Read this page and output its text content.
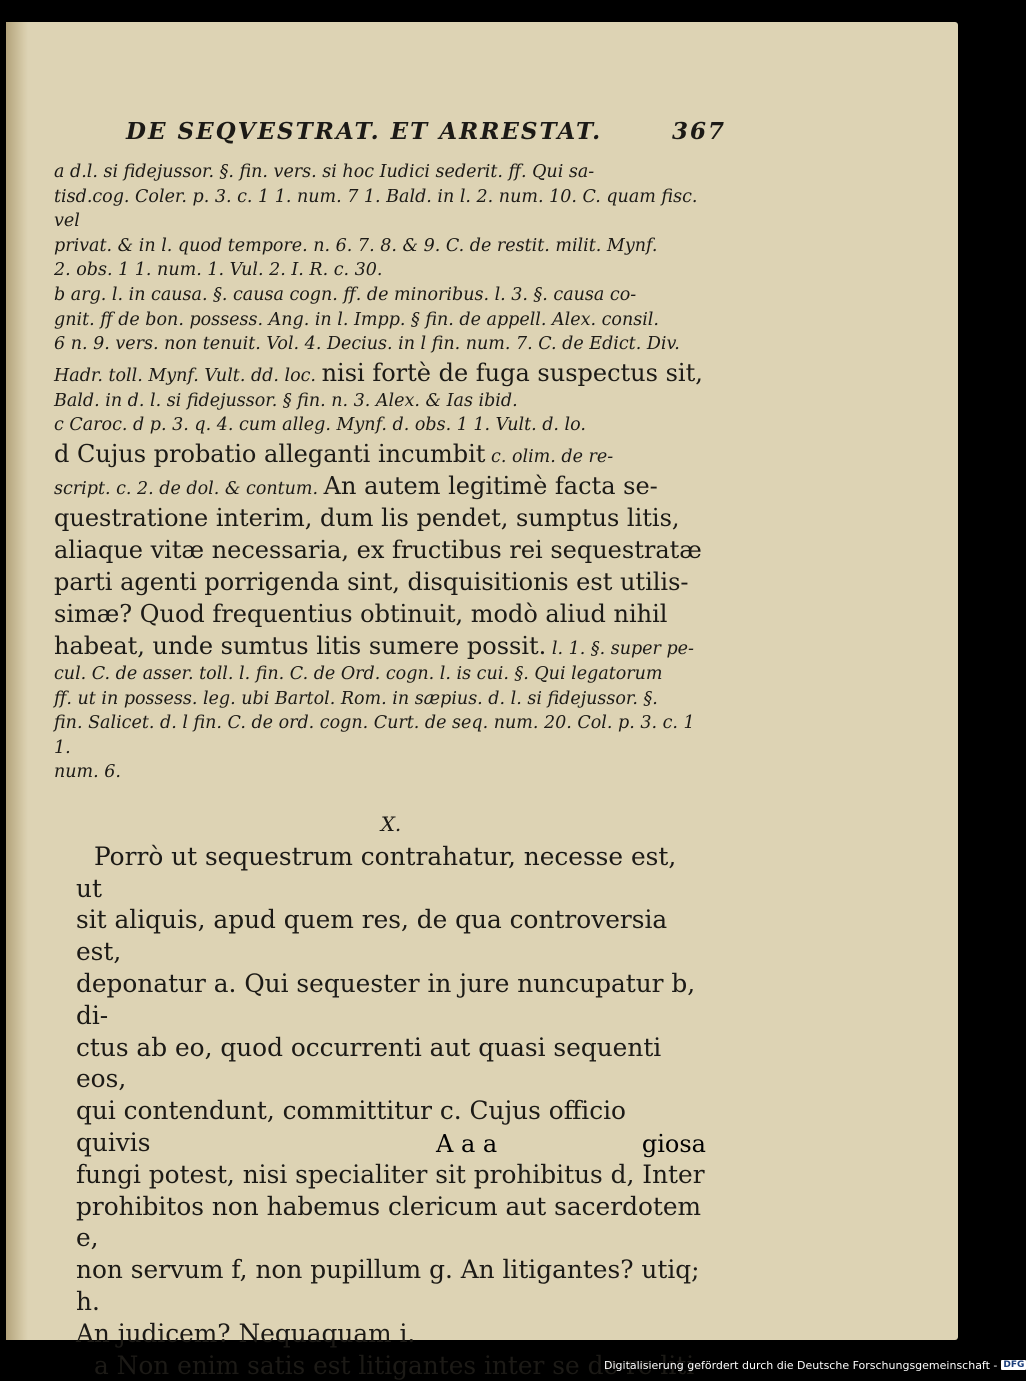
DE SEQVESTRAT. ET ARRESTAT.	367

a d.l. si fidejussor. §. fin. vers. si hoc Iudici sederit. ff. Qui sa-

tisd.cog. Coler. p. 3. c. 1 1. num. 7 1. Bald. in l. 2. num. 10. C. quam fisc. vel

privat. & in l. quod tempore. n. 6. 7. 8. & 9. C. de restit. milit. Mynf.

2. obs. 1 1. num. 1. Vul. 2. I. R. c. 30.

b arg. l. in causa. §. causa cogn. ff. de minoribus. l. 3. §. causa co-

gnit. ff de bon. possess. Ang. in l. Impp. § fin. de appell. Alex. consil.

6 n. 9. vers. non tenuit. Vol. 4. Decius. in l fin. num. 7. C. de Edict. Div.

Hadr. toll. Mynf. Vult. dd. loc. nisi fortè de fuga suspectus sit,

Bald. in d. l. si fidejussor. § fin. n. 3. Alex. & Ias ibid.

c Caroc. d p. 3. q. 4. cum alleg. Mynf. d. obs. 1 1. Vult. d. lo.

d Cujus probatio alleganti incumbit c. olim. de re-

script. c. 2. de dol. & contum. An autem legitimè facta se-

questratione interim, dum lis pendet, sumptus litis,

aliaque vitæ necessaria, ex fructibus rei sequestratæ

parti agenti porrigenda sint, disquisitionis est utilis-

simæ? Quod frequentius obtinuit, modò aliud nihil

habeat, unde sumtus litis sumere possit. l. 1. §. super pe-

cul. C. de asser. toll. l. fin. C. de Ord. cogn. l. is cui. §. Qui legatorum

ff. ut in possess. leg. ubi Bartol. Rom. in sæpius. d. l. si fidejussor. §.

fin. Salicet. d. l fin. C. de ord. cogn. Curt. de seq. num. 20. Col. p. 3. c. 1 1.

num. 6.

X.

Porrò ut sequestrum contrahatur, necesse est, ut

sit aliquis, apud quem res, de qua controversia est,

deponatur a. Qui sequester in jure nuncupatur b, di-

ctus ab eo, quod occurrenti aut quasi sequenti eos,

qui contendunt, committitur c. Cujus officio quivis

fungi potest, nisi specialiter sit prohibitus d, Inter

prohibitos non habemus clericum aut sacerdotem e,

non servum f, non pupillum g. An litigantes? utiq; h.

An judicem? Nequaquam i.

a Non enim satis est litigantes inter se de re liti-

A a a	giosa
Digitalisierung gefördert durch die Deutsche Forschungsgemeinschaft - DFG
